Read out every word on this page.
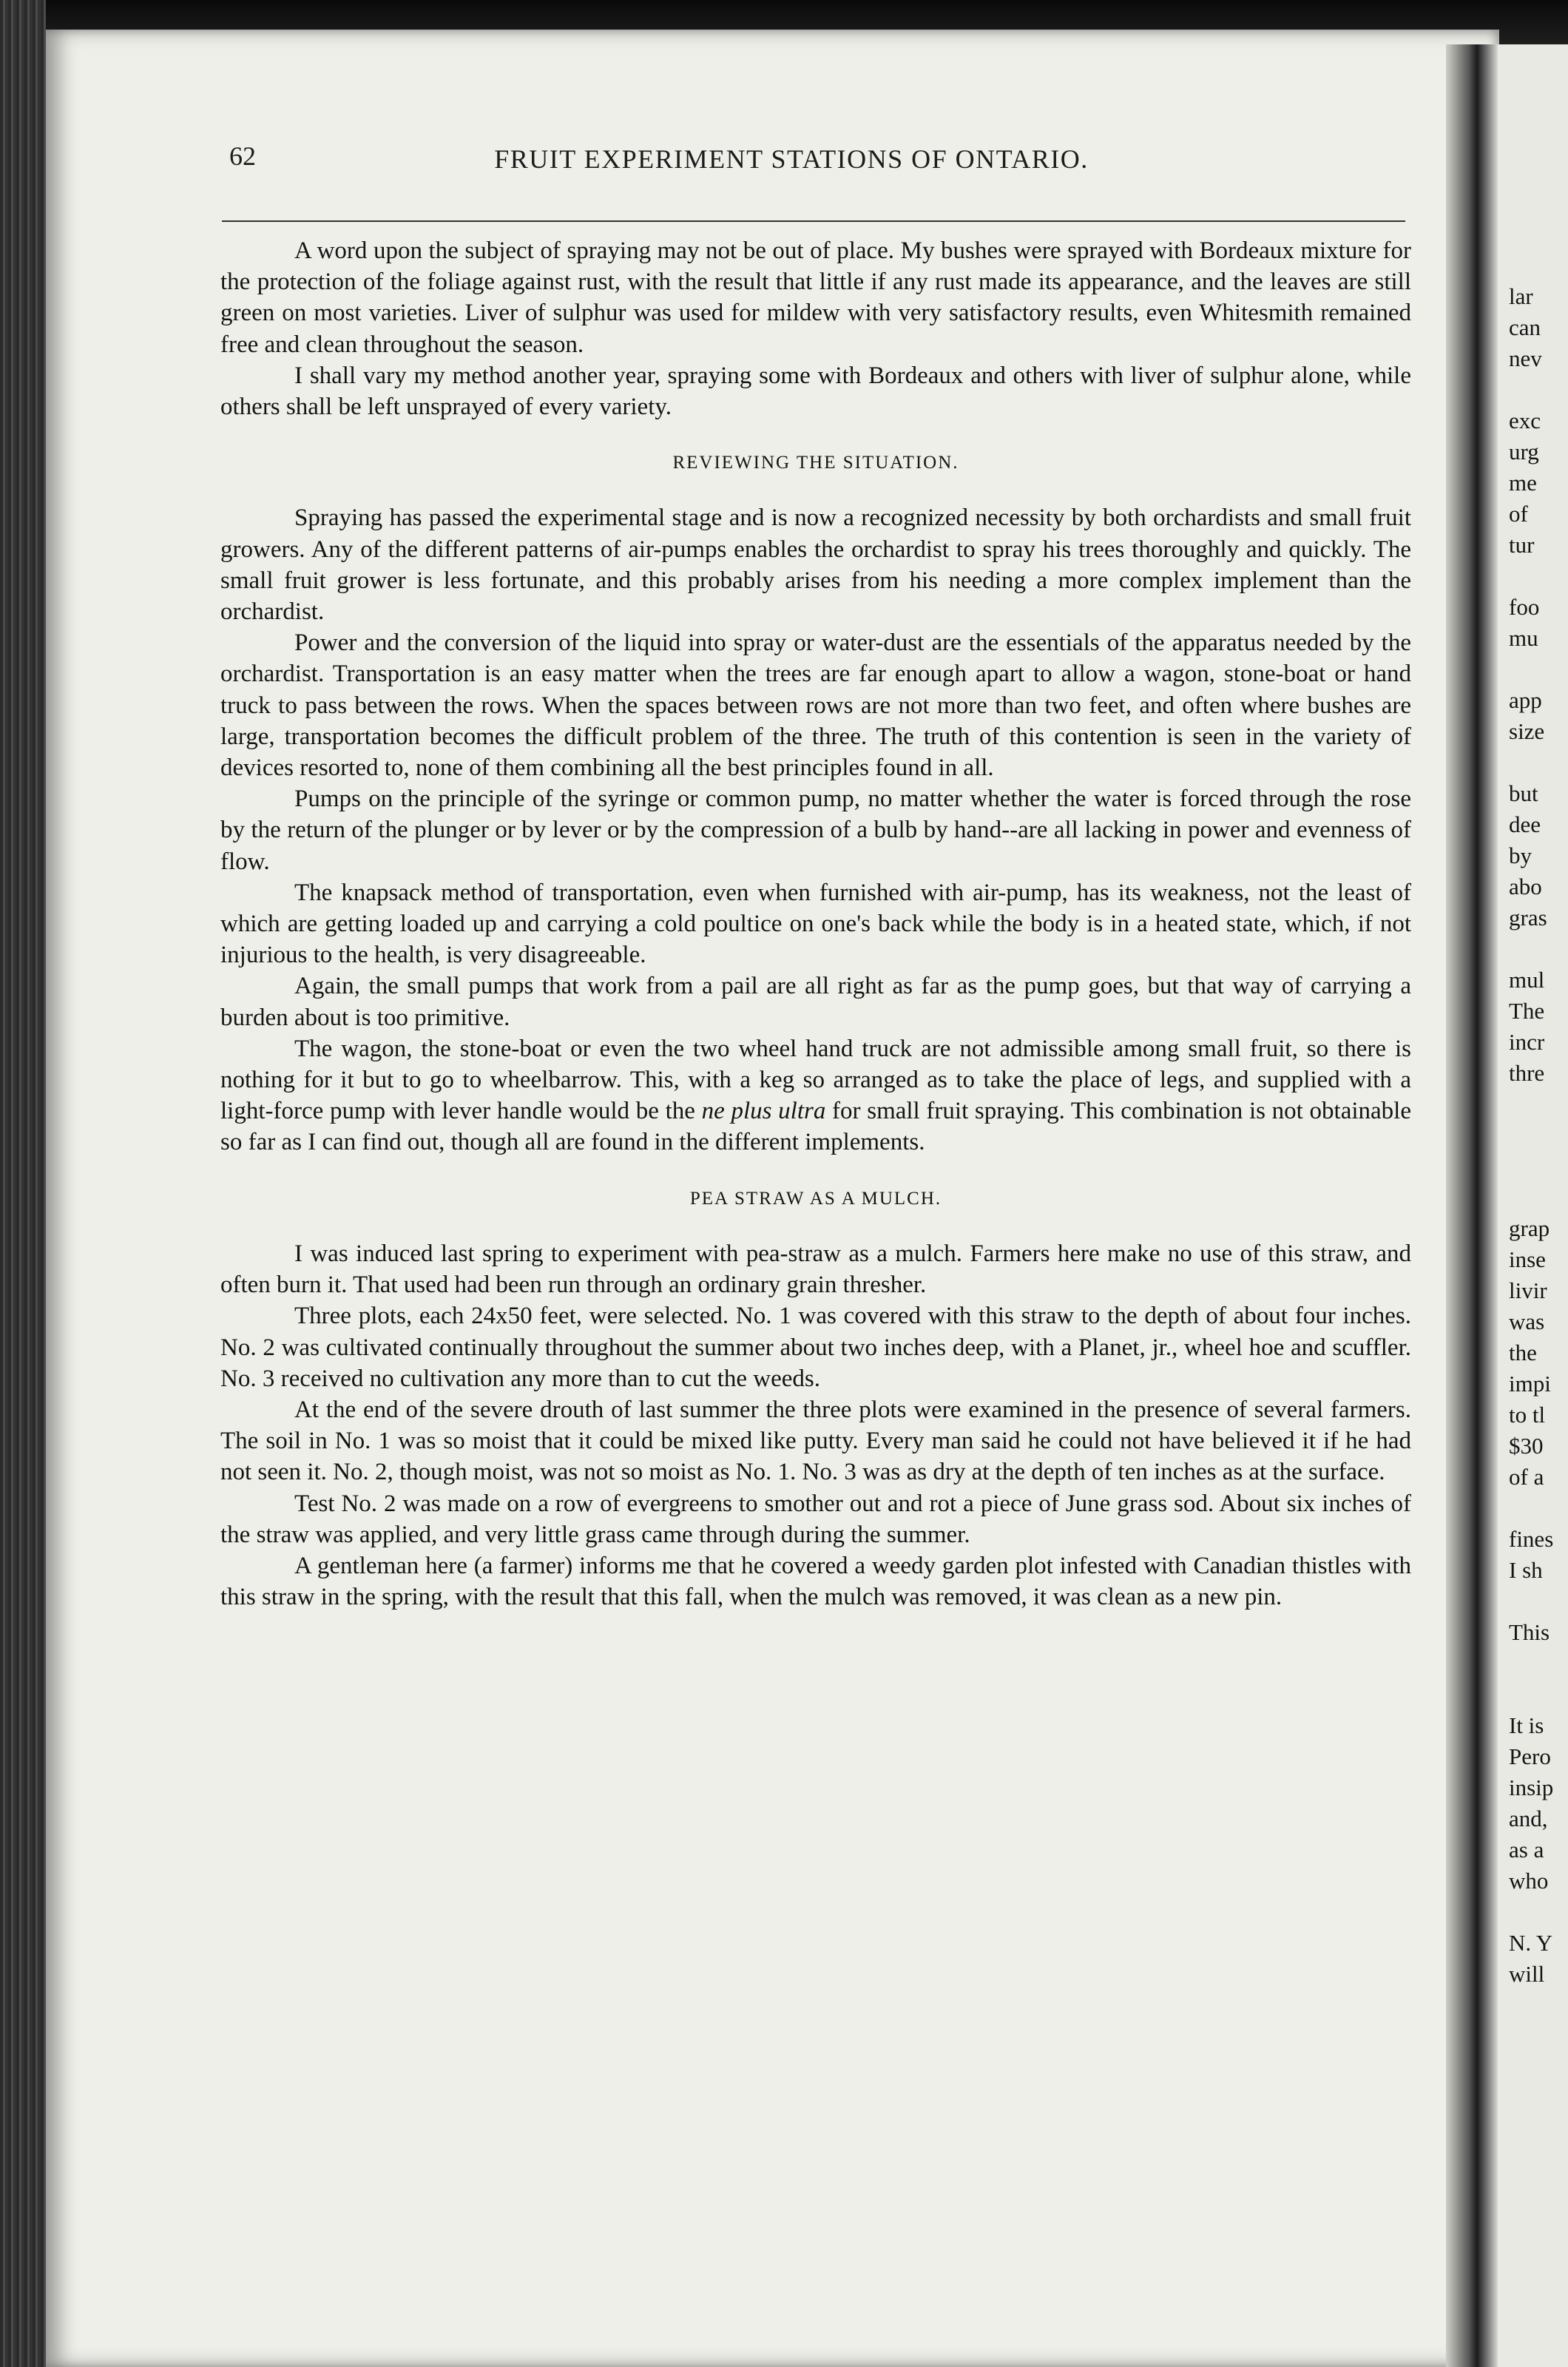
62	FRUIT EXPERIMENT STATIONS OF ONTARIO.

A word upon the subject of spraying may not be out of place. My bushes were sprayed with Bordeaux mixture for the protection of the foliage against rust, with the result that little if any rust made its appearance, and the leaves are still green on most varieties. Liver of sulphur was used for mildew with very satisfactory results, even Whitesmith remained free and clean throughout the season.

I shall vary my method another year, spraying some with Bordeaux and others with liver of sulphur alone, while others shall be left unsprayed of every variety.

REVIEWING THE SITUATION.

Spraying has passed the experimental stage and is now a recognized necessity by both orchardists and small fruit growers. Any of the different patterns of air-pumps enables the orchardist to spray his trees thoroughly and quickly. The small fruit grower is less fortunate, and this probably arises from his needing a more complex implement than the orchardist.

Power and the conversion of the liquid into spray or water-dust are the essentials of the apparatus needed by the orchardist. Transportation is an easy matter when the trees are far enough apart to allow a wagon, stone-boat or hand truck to pass between the rows. When the spaces between rows are not more than two feet, and often where bushes are large, transportation becomes the difficult problem of the three. The truth of this contention is seen in the variety of devices resorted to, none of them combining all the best principles found in all.

Pumps on the principle of the syringe or common pump, no matter whether the water is forced through the rose by the return of the plunger or by lever or by the compression of a bulb by hand--are all lacking in power and evenness of flow.

The knapsack method of transportation, even when furnished with air-pump, has its weakness, not the least of which are getting loaded up and carrying a cold poultice on one's back while the body is in a heated state, which, if not injurious to the health, is very disagreeable.

Again, the small pumps that work from a pail are all right as far as the pump goes, but that way of carrying a burden about is too primitive.

The wagon, the stone-boat or even the two wheel hand truck are not admissible among small fruit, so there is nothing for it but to go to wheelbarrow. This, with a keg so arranged as to take the place of legs, and supplied with a light-force pump with lever handle would be the ne plus ultra for small fruit spraying. This combination is not obtainable so far as I can find out, though all are found in the different implements.

PEA STRAW AS A MULCH.

I was induced last spring to experiment with pea-straw as a mulch. Farmers here make no use of this straw, and often burn it. That used had been run through an ordinary grain thresher.

Three plots, each 24x50 feet, were selected. No. 1 was covered with this straw to the depth of about four inches. No. 2 was cultivated continually throughout the summer about two inches deep, with a Planet, jr., wheel hoe and scuffler. No. 3 received no cultivation any more than to cut the weeds.

At the end of the severe drouth of last summer the three plots were examined in the presence of several farmers. The soil in No. 1 was so moist that it could be mixed like putty. Every man said he could not have believed it if he had not seen it. No. 2, though moist, was not so moist as No. 1. No. 3 was as dry at the depth of ten inches as at the surface.

Test No. 2 was made on a row of evergreens to smother out and rot a piece of June grass sod. About six inches of the straw was applied, and very little grass came through during the summer.

A gentleman here (a farmer) informs me that he covered a weedy garden plot infested with Canadian thistles with this straw in the spring, with the result that this fall, when the mulch was removed, it was clean as a new pin.

lar
can
nev
exc
urg
me
of
tur
foo
mu
app
size
but
dee
by
abo
gras
mul
The
incr
thre
grap
inse
livir
was
the
impi
to tl
$30
of a
fines
I sh
This
It is
Pero
insip
and,
as a
who
N. Y
will
